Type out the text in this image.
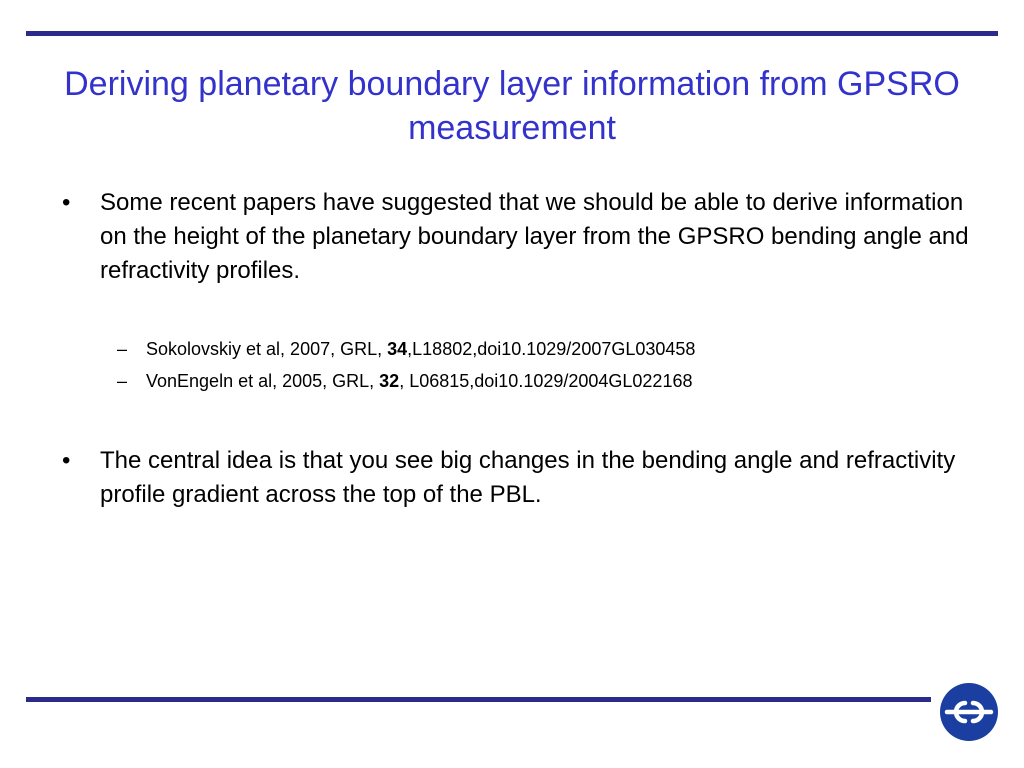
Deriving planetary boundary layer information from GPSRO measurement
• Some recent papers have suggested that we should be able to derive information on the height of the planetary boundary layer from the GPSRO bending angle and refractivity profiles.
– Sokolovskiy et al, 2007, GRL, 34,L18802,doi10.1029/2007GL030458
– VonEngeln et al, 2005, GRL, 32, L06815,doi10.1029/2004GL022168
• The central idea is that you see big changes in the bending angle and refractivity profile gradient across the top of the PBL.
